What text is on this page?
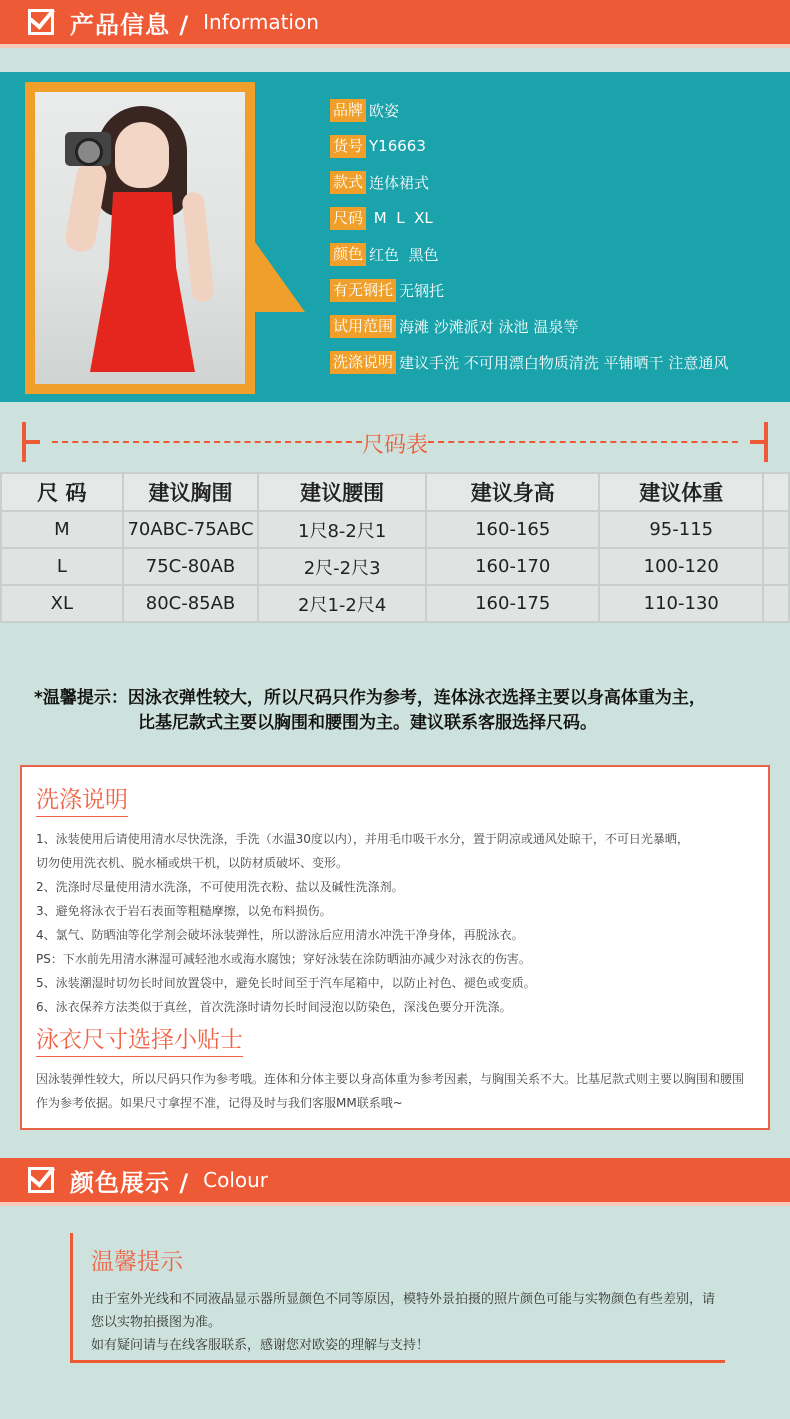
产品信息 / Information
品牌 欧姿
货号 Y16663
款式 连体裙式
尺码 M  L  XL
颜色 红色  黑色
有无钢托 无钢托
试用范围 海滩 沙滩派对 泳池 温泉等
洗涤说明 建议手洗 不可用漂白物质清洗 平铺晒干 注意通风
尺码表
尺 码	建议胸围	建议腰围	建议身高	建议体重	
M	70ABC-75ABC	1尺8-2尺1	160-165	95-115	
L	75C-80AB	2尺-2尺3	160-170	100-120	
XL	80C-85AB	2尺1-2尺4	160-175	110-130	
*温馨提示：因泳衣弹性较大，所以尺码只作为参考，连体泳衣选择主要以身高体重为主，
比基尼款式主要以胸围和腰围为主。建议联系客服选择尺码。
洗涤说明
1、泳装使用后请使用清水尽快洗涤，手洗（水温30度以内），并用毛巾吸干水分，置于阴凉或通风处晾干，不可日光暴晒，
切勿使用洗衣机、脱水桶或烘干机，以防材质破坏、变形。
2、洗涤时尽量使用清水洗涤，不可使用洗衣粉、盐以及碱性洗涤剂。
3、避免将泳衣于岩石表面等粗糙摩擦，以免布料损伤。
4、氯气、防晒油等化学剂会破坏泳装弹性，所以游泳后应用清水冲洗干净身体，再脱泳衣。
PS：下水前先用清水淋湿可减轻池水或海水腐蚀；穿好泳装在涂防晒油亦减少对泳衣的伤害。
5、泳装潮湿时切勿长时间放置袋中，避免长时间至于汽车尾箱中，以防止衬色、褪色或变质。
6、泳衣保养方法类似于真丝，首次洗涤时请勿长时间浸泡以防染色，深浅色要分开洗涤。
泳衣尺寸选择小贴士
因泳装弹性较大，所以尺码只作为参考哦。连体和分体主要以身高体重为参考因素，与胸围关系不大。比基尼款式则主要以胸围和腰围作为参考依据。如果尺寸拿捏不准，记得及时与我们客服MM联系哦~
颜色展示 / Colour
温馨提示
由于室外光线和不同液晶显示器所显颜色不同等原因，模特外景拍摄的照片颜色可能与实物颜色有些差别，请您以实物拍摄图为准。
如有疑问请与在线客服联系，感谢您对欧姿的理解与支持！
